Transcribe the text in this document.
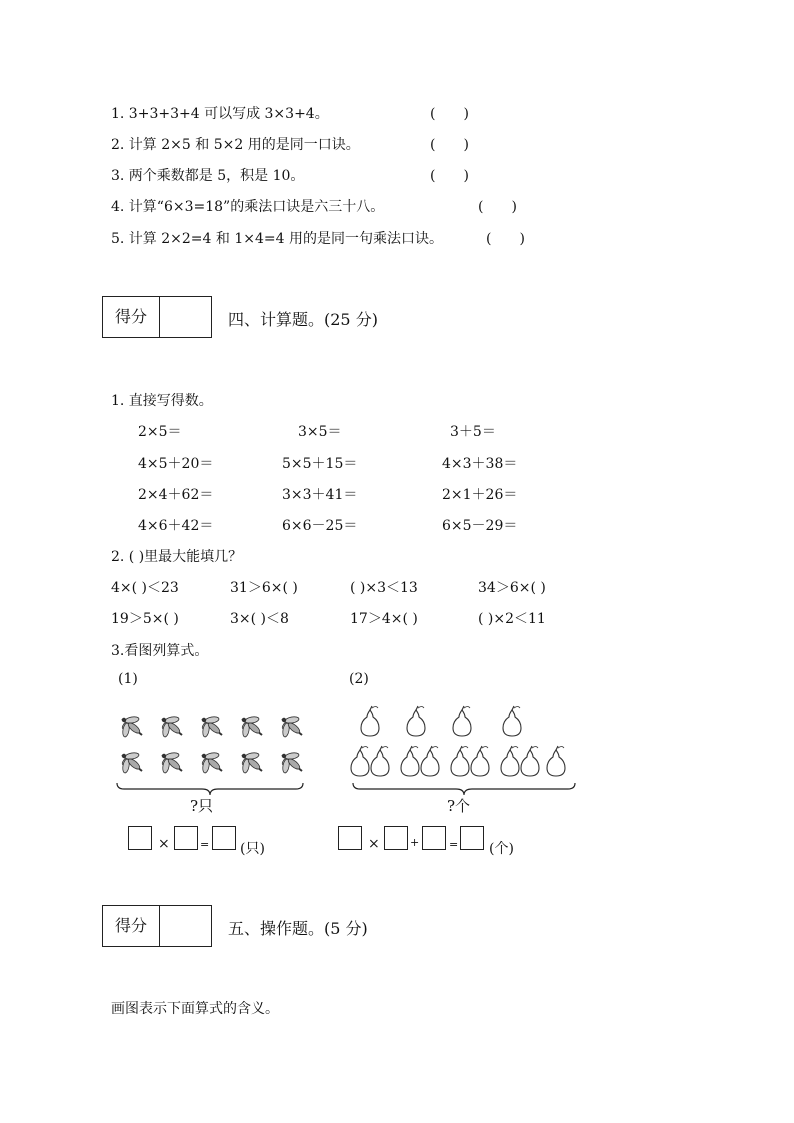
1. 3+3+3+4 可以写成 3×3+4。	(　　)
2. 计算 2×5 和 5×2 用的是同一口诀。	(　　)
3. 两个乘数都是 5，积是 10。	(　　)
4. 计算“6×3=18”的乘法口诀是六三十八。	(　　)
5. 计算 2×2=4 和 1×4=4 用的是同一句乘法口诀。	(　　)
得分	四、计算题。(25 分)
1. 直接写得数。
2×5＝	3×5＝	3＋5＝
4×5＋20＝	5×5＋15＝	4×3＋38＝
2×4＋62＝	3×3＋41＝	2×1＋26＝
4×6＋42＝	6×6－25＝	6×5－29＝
2. ( )里最大能填几？
4×( )＜23	31＞6×( )	( )×3＜13	34＞6×( )
19＞5×( )	3×( )＜8	17＞4×( )	( )×2＜11
3.看图列算式。
(1)
?只
×	= (只)
(2)
?个
×	+	= (个)
得分	五、操作题。(5 分)
画图表示下面算式的含义。
